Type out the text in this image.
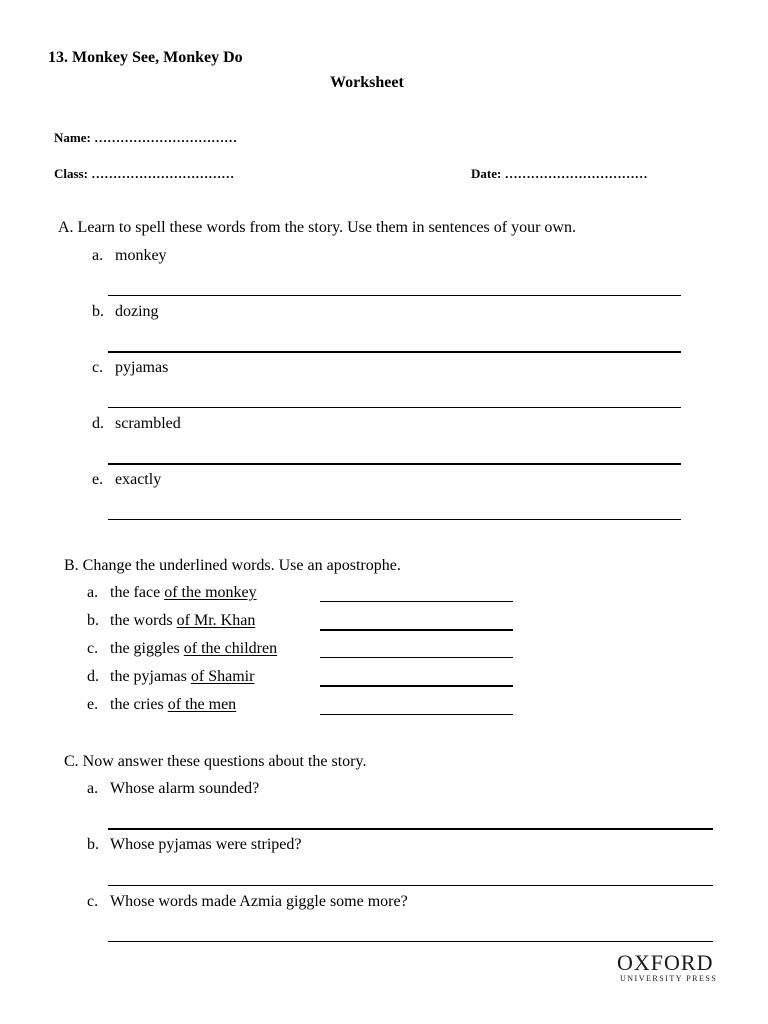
13. Monkey See, Monkey Do
Worksheet
Name: ……………………………
Class: ……………………………	Date: ……………………………
A. Learn to spell these words from the story. Use them in sentences of your own.
a. monkey
b. dozing
c. pyjamas
d. scrambled
e. exactly
B. Change the underlined words. Use an apostrophe.
a. the face of the monkey
b. the words of Mr. Khan
c. the giggles of the children
d. the pyjamas of Shamir
e. the cries of the men
C. Now answer these questions about the story.
a. Whose alarm sounded?
b. Whose pyjamas were striped?
c. Whose words made Azmia giggle some more?
OXFORD
UNIVERSITY PRESS
